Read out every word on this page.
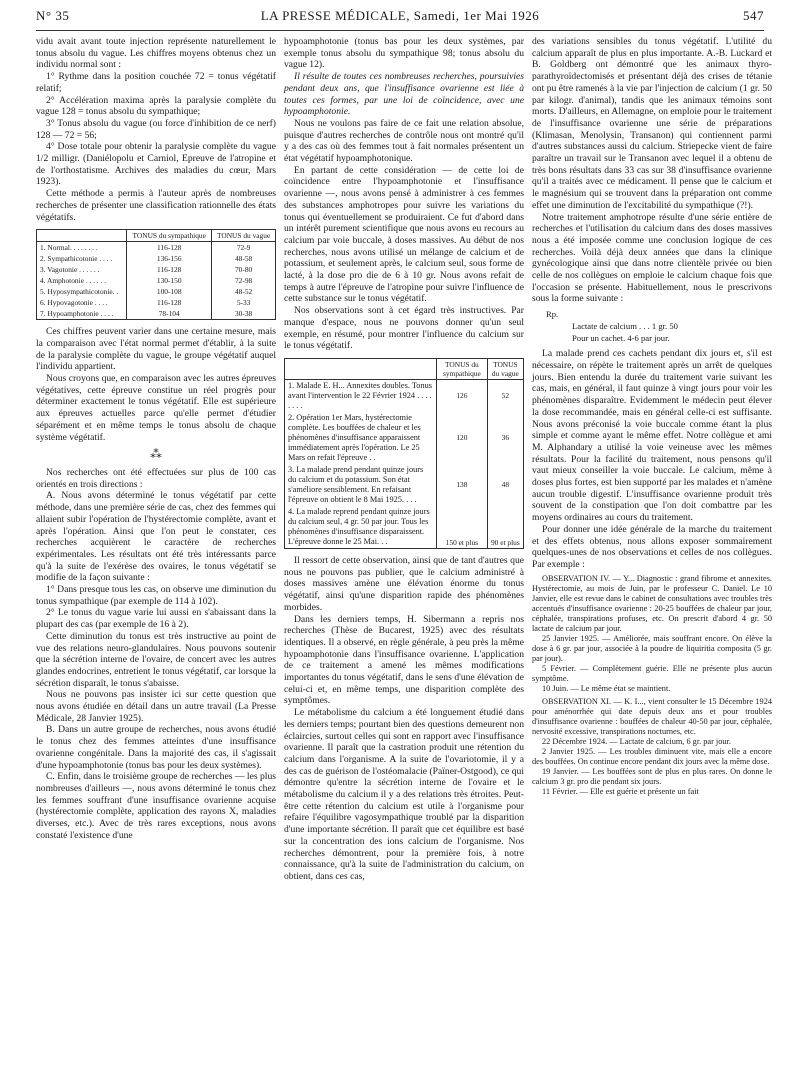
N° 35	LA PRESSE MÉDICALE, Samedi, 1er Mai 1926	547

vidu avait avant toute injection représente naturellement le tonus absolu du vague. Les chiffres moyens obtenus chez un individu normal sont :

1° Rythme dans la position couchée 72 = tonus végétatif relatif;

2° Accélération maxima après la paralysie complète du vague 128 = tonus absolu du sympathique;

3° Tonus absolu du vague (ou force d'inhibition de ce nerf) 128 — 72 = 56;

4° Dose totale pour obtenir la paralysie complète du vague 1/2 milligr. (Daniélopolu et Carniol, Epreuve de l'atropine et de l'orthostatisme. Archives des maladies du cœur, Mars 1923).

Cette méthode a permis à l'auteur après de nombreuses recherches de présenter une classification rationnelle des états végétatifs.

	TONUS du sympathique	TONUS du vague
1. Normal. . . . . . . .	116-128	72-9
2. Sympathicotonie . . . .	136-156	48-58
3. Vagotonie . . . . . .	116-128	70-80
4. Amphotonie . . . . . .	130-150	72-98
5. Hyposympathicotonie. .	100-108	48-52
6. Hypovagotonie . . . .	116-128	5-33
7. Hypoamphotonie . . . .	78-104	30-38

Ces chiffres peuvent varier dans une certaine mesure, mais la comparaison avec l'état normal permet d'établir, à la suite de la paralysie complète du vague, le groupe végétatif auquel l'individu appartient.

Nous croyons que, en comparaison avec les autres épreuves végétatives, cette épreuve constitue un réel progrès pour déterminer exactement le tonus végétatif. Elle est supérieure aux épreuves actuelles parce qu'elle permet d'étudier séparément et en même temps le tonus absolu de chaque système végétatif.

⁂

Nos recherches ont été effectuées sur plus de 100 cas orientés en trois directions :

A. Nous avons déterminé le tonus végétatif par cette méthode, dans une première série de cas, chez des femmes qui allaient subir l'opération de l'hystérectomie complète, avant et après l'opération. Ainsi que l'on peut le constater, ces recherches acquièrent le caractère de recherches expérimentales. Les résultats ont été très intéressants parce qu'à la suite de l'exérèse des ovaires, le tonus végétatif se modifie de la façon suivante :

1° Dans presque tous les cas, on observe une diminution du tonus sympathique (par exemple de 114 à 102).

2° Le tonus du vague varie lui aussi en s'abaissant dans la plupart des cas (par exemple de 16 à 2).

Cette diminution du tonus est très instructive au point de vue des relations neuro-glandulaires. Nous pouvons soutenir que la sécrétion interne de l'ovaire, de concert avec les autres glandes endocrines, entretient le tonus végétatif, car lorsque la sécrétion disparaît, le tonus s'abaisse.

Nous ne pouvons pas insister ici sur cette question que nous avons étudiée en détail dans un autre travail (La Presse Médicale, 28 Janvier 1925).

B. Dans un autre groupe de recherches, nous avons étudié le tonus chez des femmes atteintes d'une insuffisance ovarienne congénitale. Dans la majorité des cas, il s'agissait d'une hypoamphotonie (tonus bas pour les deux systèmes).

C. Enfin, dans le troisième groupe de recherches — les plus nombreuses d'ailleurs —, nous avons déterminé le tonus chez les femmes souffrant d'une insuffisance ovarienne acquise (hystérectomie complète, application des rayons X, maladies diverses, etc.). Avec de très rares exceptions, nous avons constaté l'existence d'une

hypoamphotonie (tonus bas pour les deux systèmes, par exemple tonus absolu du sympathique 98; tonus absolu du vague 12).

Il résulte de toutes ces nombreuses recherches, poursuivies pendant deux ans, que l'insuffisance ovarienne est liée à toutes ces formes, par une loi de coïncidence, avec une hypoamphotonie.

Nous ne voulons pas faire de ce fait une relation absolue, puisque d'autres recherches de contrôle nous ont montré qu'il y a des cas où des femmes tout à fait normales présentent un état végétatif hypoamphotonique.

En partant de cette considération — de cette loi de coïncidence entre l'hypoamphotonie et l'insuffisance ovarienne —, nous avons pensé à administrer à ces femmes des substances amphotropes pour suivre les variations du tonus qui éventuellement se produiraient. Ce fut d'abord dans un intérêt purement scientifique que nous avons eu recours au calcium par voie buccale, à doses massives. Au début de nos recherches, nous avons utilisé un mélange de calcium et de potassium, et seulement après, le calcium seul, sous forme de lacté, à la dose pro die de 6 à 10 gr. Nous avons refait de temps à autre l'épreuve de l'atropine pour suivre l'influence de cette substance sur le tonus végétatif.

Nos observations sont à cet égard très instructives. Par manque d'espace, nous ne pouvons donner qu'un seul exemple, en résumé, pour montrer l'influence du calcium sur le tonus végétatif.

	TONUS du sympathique	TONUS du vague
1. Malade E. H... Annexites doubles. Tonus avant l'intervention le 22 Février 1924 . . . . . . . .	126	52
2. Opération 1er Mars, hystérectomie complète. Les bouffées de chaleur et les phénomènes d'insuffisance apparaissent immédiatement après l'opération. Le 25 Mars on refait l'épreuve . .	120	36
3. La malade prend pendant quinze jours du calcium et du potassium. Son état s'améliore sensiblement. En refaisant l'épreuve on obtient le 8 Mai 1925. . . .	138	48
4. La malade reprend pendant quinze jours du calcium seul, 4 gr. 50 par jour. Tous les phénomènes d'insuffisance disparaissent. L'épreuve donne le 25 Mai. . .	150 et plus	90 et plus

Il ressort de cette observation, ainsi que de tant d'autres que nous ne pouvons pas publier, que le calcium administré à doses massives amène une élévation énorme du tonus végétatif, ainsi qu'une disparition rapide des phénomènes morbides.

Dans les derniers temps, H. Sibermann a repris nos recherches (Thèse de Bucarest, 1925) avec des résultats identiques. Il a observé, en règle générale, à peu près la même hypoamphotonie dans l'insuffisance ovarienne. L'application de ce traitement a amené les mêmes modifications importantes du tonus végétatif, dans le sens d'une élévation de celui-ci et, en même temps, une disparition complète des symptômes.

Le métabolisme du calcium a été longuement étudié dans les derniers temps; pourtant bien des questions demeurent non éclaircies, surtout celles qui sont en rapport avec l'insuffisance ovarienne. Il paraît que la castration produit une rétention du calcium dans l'organisme. A la suite de l'ovariotomie, il y a des cas de guérison de l'ostéomalacie (Païner-Ostgood), ce qui démontre qu'entre la sécrétion interne de l'ovaire et le métabolisme du calcium il y a des relations très étroites. Peut-être cette rétention du calcium est utile à l'organisme pour refaire l'équilibre vagosympathique troublé par la disparition d'une importante sécrétion. Il paraît que cet équilibre est basé sur la concentration des ions calcium de l'organisme. Nos recherches démontrent, pour la première fois, à notre connaissance, qu'à la suite de l'administration du calcium, on obtient, dans ces cas,

des variations sensibles du tonus végétatif. L'utilité du calcium apparaît de plus en plus importante. A.-B. Luckard et B. Goldberg ont démontré que les animaux thyro-parathyroïdectomisés et présentant déjà des crises de tétanie ont pu être ramenés à la vie par l'injection de calcium (1 gr. 50 par kilogr. d'animal), tandis que les animaux témoins sont morts. D'ailleurs, en Allemagne, on emploie pour le traitement de l'insuffisance ovarienne une série de préparations (Klimasan, Menolysin, Transanon) qui contiennent parmi d'autres substances aussi du calcium. Striepecke vient de faire paraître un travail sur le Transanon avec lequel il a obtenu de très bons résultats dans 33 cas sur 38 d'insuffisance ovarienne qu'il a traités avec ce médicament. Il pense que le calcium et le magnésium qui se trouvent dans la préparation ont comme effet une diminution de l'excitabilité du sympathique (?!).

Notre traitement amphotrope résulte d'une série entière de recherches et l'utilisation du calcium dans des doses massives nous a été imposée comme une conclusion logique de ces recherches. Voilà déjà deux années que dans la clinique gynécologique ainsi que dans notre clientèle privée ou bien celle de nos collègues on emploie le calcium chaque fois que l'occasion se présente. Habituellement, nous le prescrivons sous la forme suivante :

Rp.
Lactate de calcium . . . 1 gr. 50
Pour un cachet. 4-6 par jour.

La malade prend ces cachets pendant dix jours et, s'il est nécessaire, on répète le traitement après un arrêt de quelques jours. Bien entendu la durée du traitement varie suivant les cas, mais, en général, il faut quinze à vingt jours pour voir les phénomènes disparaître. Evidemment le médecin peut élever la dose recommandée, mais en général celle-ci est suffisante. Nous avons préconisé la voie buccale comme étant la plus simple et comme ayant le même effet. Notre collègue et ami M. Alphandary a utilisé la voie veineuse avec les mêmes résultats. Pour la facilité du traitement, nous pensons qu'il vaut mieux conseiller la voie buccale. Le calcium, même à doses plus fortes, est bien supporté par les malades et n'amène aucun trouble digestif. L'insuffisance ovarienne produit très souvent de la constipation que l'on doit combattre par les moyens ordinaires au cours du traitement.

Pour donner une idée générale de la marche du traitement et des effets obtenus, nous allons exposer sommairement quelques-unes de nos observations et celles de nos collègues. Par exemple :

OBSERVATION IV. — Y... Diagnostic : grand fibrome et annexites. Hystérectomie, au mois de Juin, par le professeur C. Daniel. Le 10 Janvier, elle est revue dans le cabinet de consultations avec troubles très accentués d'insuffisance ovarienne : 20-25 bouffées de chaleur par jour, céphalée, transpirations profuses, etc. On prescrit d'abord 4 gr. 50 lactate de calcium par jour.

25 Janvier 1925. — Améliorée, mais souffrant encore. On élève la dose à 6 gr. par jour, associée à la poudre de liquiritia composita (5 gr. par jour).

5 Février. — Complètement guérie. Elle ne présente plus aucun symptôme.

10 Juin. — Le même état se maintient.

OBSERVATION XI. — K. I..., vient consulter le 15 Décembre 1924 pour aménorrhée qui date depuis deux ans et pour troubles d'insuffisance ovarienne : bouffées de chaleur 40-50 par jour, céphalée, nervosité excessive, transpirations nocturnes, etc.

22 Décembre 1924. — Lactate de calcium, 6 gr. par jour.

2 Janvier 1925. — Les troubles diminuent vite, mais elle a encore des bouffées. On continue encore pendant dix jours avec la même dose.

19 Janvier. — Les bouffées sont de plus en plus rares. On donne le calcium 3 gr. pro die pendant six jours.

11 Février. — Elle est guérie et présente un fait
